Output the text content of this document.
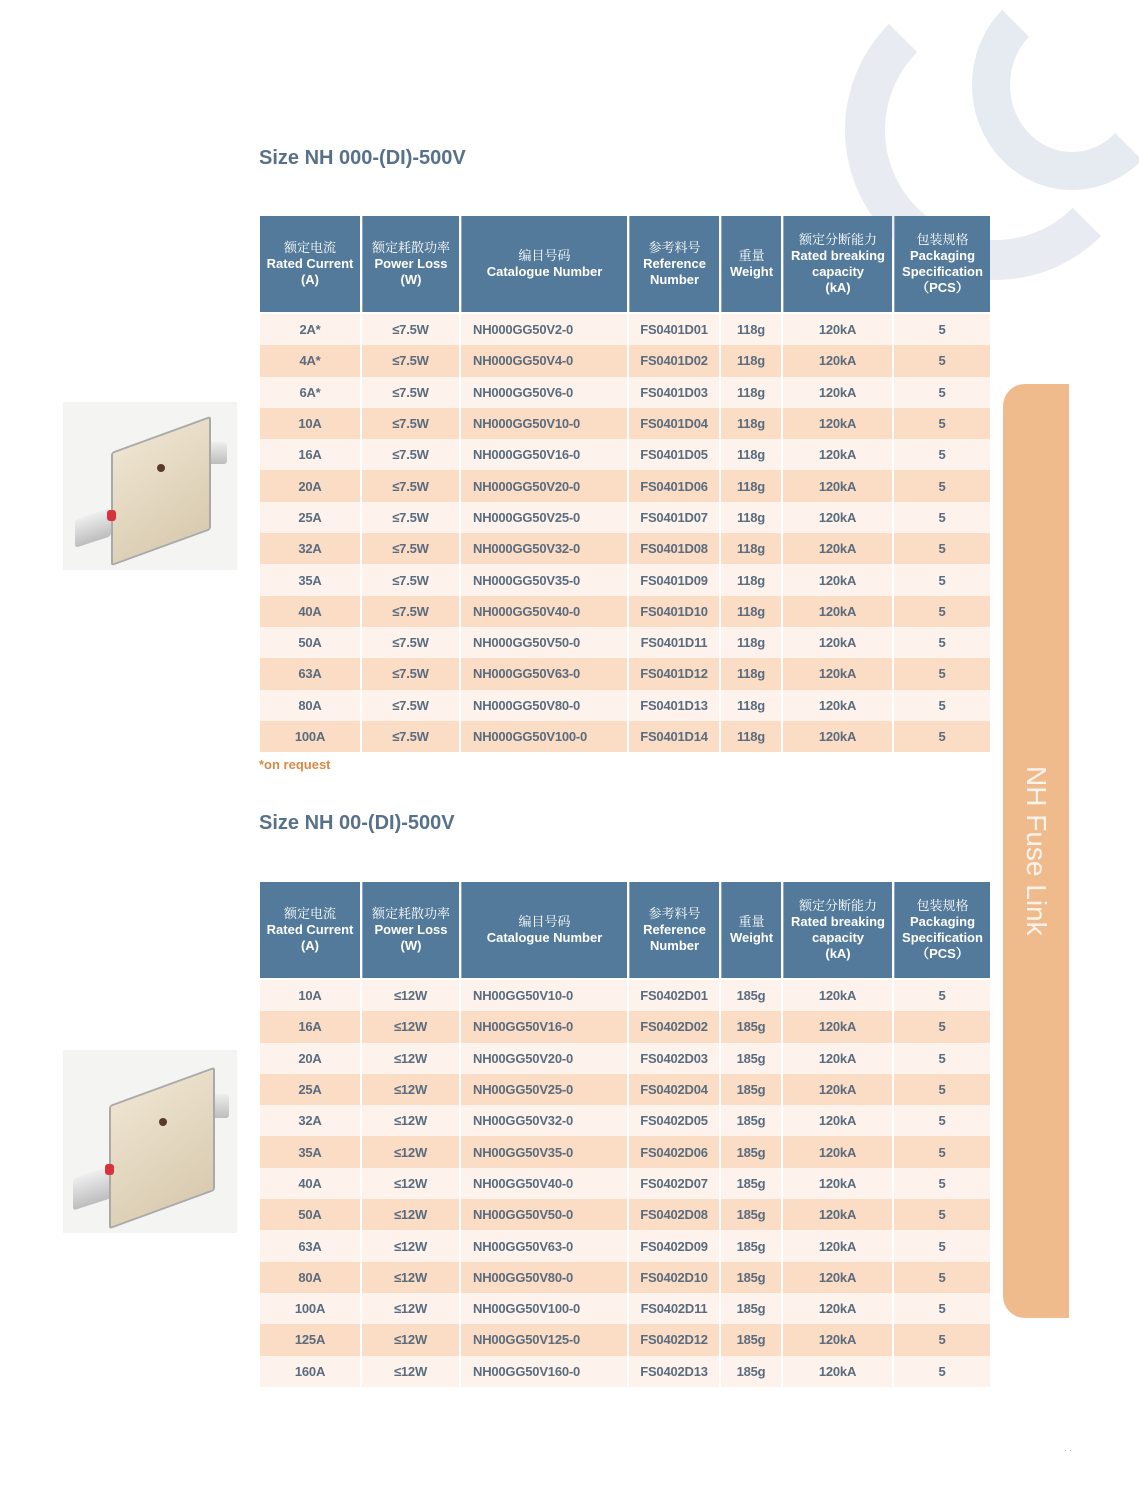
NH Fuse Link
Size NH 000-(DI)-500V
额定电流
Rated Current
(A)	额定耗散功率
Power Loss
(W)	编目号码
Catalogue Number	参考料号
Reference
Number	重量
Weight	额定分断能力
Rated breaking
capacity
(kA)	包装规格
Packaging
Specification
（PCS）

2A*	≤7.5W	NH000GG50V2-0	FS0401D01	118g	120kA	5
4A*	≤7.5W	NH000GG50V4-0	FS0401D02	118g	120kA	5
6A*	≤7.5W	NH000GG50V6-0	FS0401D03	118g	120kA	5
10A	≤7.5W	NH000GG50V10-0	FS0401D04	118g	120kA	5
16A	≤7.5W	NH000GG50V16-0	FS0401D05	118g	120kA	5
20A	≤7.5W	NH000GG50V20-0	FS0401D06	118g	120kA	5
25A	≤7.5W	NH000GG50V25-0	FS0401D07	118g	120kA	5
32A	≤7.5W	NH000GG50V32-0	FS0401D08	118g	120kA	5
35A	≤7.5W	NH000GG50V35-0	FS0401D09	118g	120kA	5
40A	≤7.5W	NH000GG50V40-0	FS0401D10	118g	120kA	5
50A	≤7.5W	NH000GG50V50-0	FS0401D11	118g	120kA	5
63A	≤7.5W	NH000GG50V63-0	FS0401D12	118g	120kA	5
80A	≤7.5W	NH000GG50V80-0	FS0401D13	118g	120kA	5
100A	≤7.5W	NH000GG50V100-0	FS0401D14	118g	120kA	5
*on request
Size NH 00-(DI)-500V
额定电流
Rated Current
(A)	额定耗散功率
Power Loss
(W)	编目号码
Catalogue Number	参考料号
Reference
Number	重量
Weight	额定分断能力
Rated breaking
capacity
(kA)	包装规格
Packaging
Specification
（PCS）

10A	≤12W	NH00GG50V10-0	FS0402D01	185g	120kA	5
16A	≤12W	NH00GG50V16-0	FS0402D02	185g	120kA	5
20A	≤12W	NH00GG50V20-0	FS0402D03	185g	120kA	5
25A	≤12W	NH00GG50V25-0	FS0402D04	185g	120kA	5
32A	≤12W	NH00GG50V32-0	FS0402D05	185g	120kA	5
35A	≤12W	NH00GG50V35-0	FS0402D06	185g	120kA	5
40A	≤12W	NH00GG50V40-0	FS0402D07	185g	120kA	5
50A	≤12W	NH00GG50V50-0	FS0402D08	185g	120kA	5
63A	≤12W	NH00GG50V63-0	FS0402D09	185g	120kA	5
80A	≤12W	NH00GG50V80-0	FS0402D10	185g	120kA	5
100A	≤12W	NH00GG50V100-0	FS0402D11	185g	120kA	5
125A	≤12W	NH00GG50V125-0	FS0402D12	185g	120kA	5
160A	≤12W	NH00GG50V160-0	FS0402D13	185g	120kA	5
· ·
